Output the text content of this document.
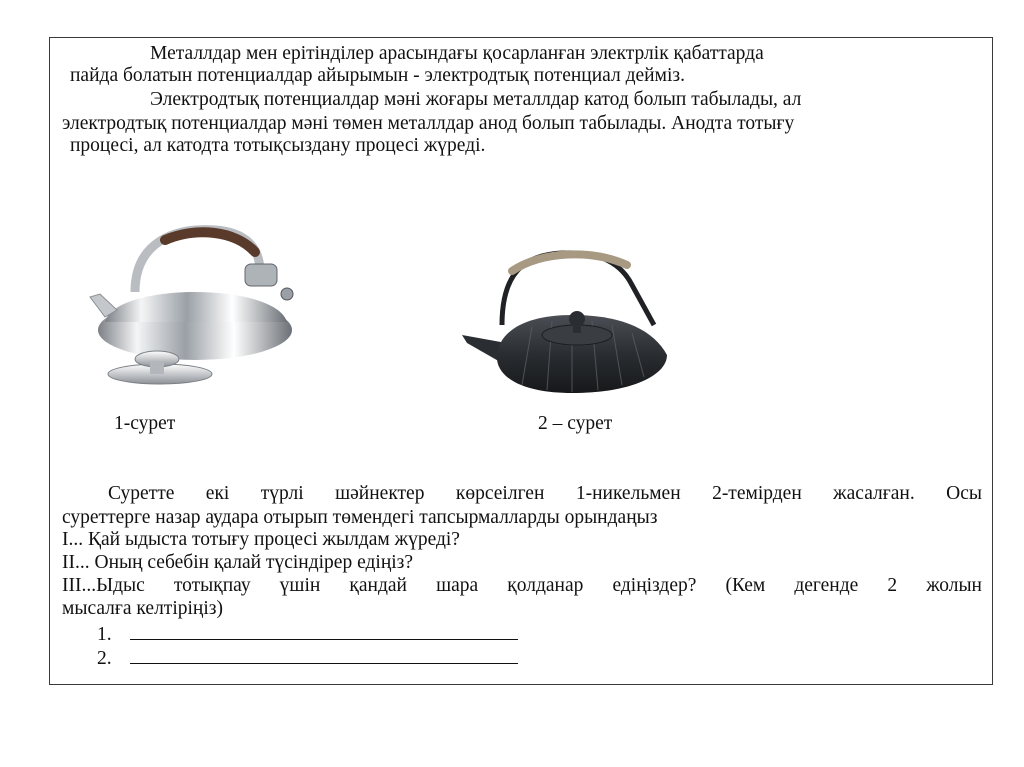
Металлдар мен ерітінділер арасындағы қосарланған электрлік қабаттарда
пайда болатын потенциалдар айырымын - электродтық потенциал дейміз.
Электродтық потенциалдар мәні жоғары металлдар катод болып табылады, ал
электродтық потенциалдар мәні төмен металлдар анод болып табылады. Анодта тотығу
процесі, ал катодта тотықсыздану процесі жүреді.
1-сурет	2 – сурет
Суретте екі түрлі шәйнектер көрсеілген 1-никельмен 2-темірден жасалған. Осы
суреттерге назар аудара отырып төмендегі тапсырмалларды орындаңыз
I... Қай ыдыста тотығу процесі жылдам жүреді?
II... Оның себебін қалай түсіндірер едіңіз?
III...Ыдыс тотықпау үшін қандай шара қолданар едіңіздер? (Кем дегенде 2 жолын
мысалға келтіріңіз)
1.
2.
